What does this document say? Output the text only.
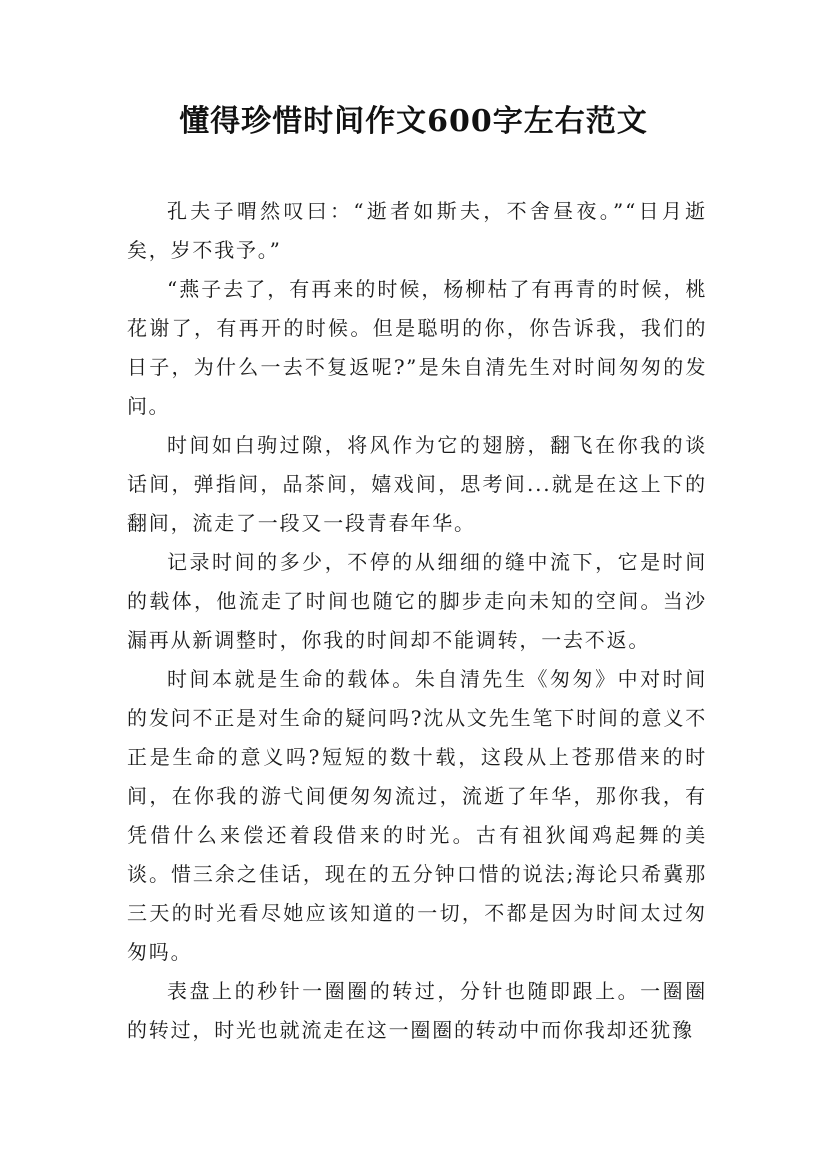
懂得珍惜时间作文600字左右范文

孔夫子喟然叹曰：“逝者如斯夫，不舍昼夜。”“日月逝矣，岁不我予。”

“燕子去了，有再来的时候，杨柳枯了有再青的时候，桃花谢了，有再开的时候。但是聪明的你，你告诉我，我们的日子，为什么一去不复返呢?”是朱自清先生对时间匆匆的发问。

时间如白驹过隙，将风作为它的翅膀，翻飞在你我的谈话间，弹指间，品茶间，嬉戏间，思考间...就是在这上下的翻间，流走了一段又一段青春年华。

记录时间的多少，不停的从细细的缝中流下，它是时间的载体，他流走了时间也随它的脚步走向未知的空间。当沙漏再从新调整时，你我的时间却不能调转，一去不返。

时间本就是生命的载体。朱自清先生《匆匆》中对时间的发问不正是对生命的疑问吗?沈从文先生笔下时间的意义不正是生命的意义吗?短短的数十载，这段从上苍那借来的时间，在你我的游弋间便匆匆流过，流逝了年华，那你我，有凭借什么来偿还着段借来的时光。古有祖狄闻鸡起舞的美谈。惜三余之佳话，现在的五分钟口惜的说法;海论只希冀那三天的时光看尽她应该知道的一切，不都是因为时间太过匆匆吗。

表盘上的秒针一圈圈的转过，分针也随即跟上。一圈圈的转过，时光也就流走在这一圈圈的转动中而你我却还犹豫
